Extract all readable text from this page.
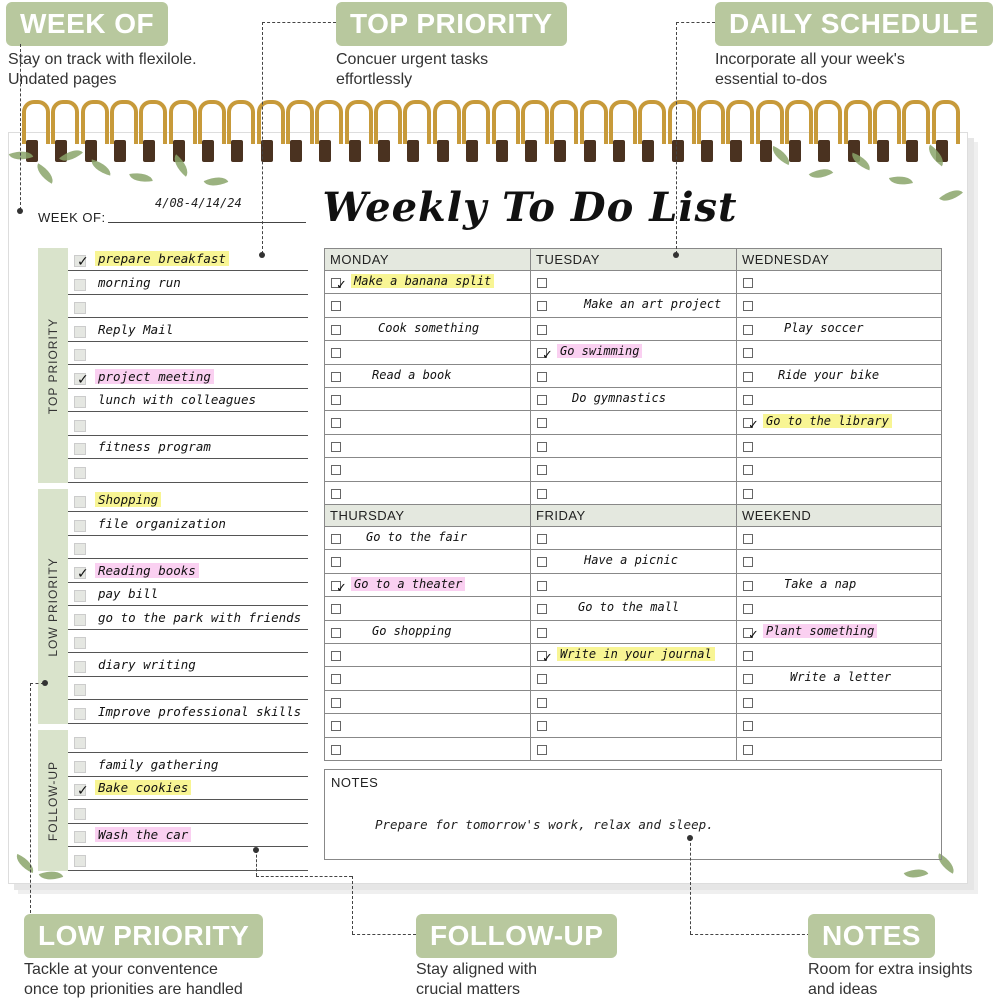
WEEK OF
Stay on track with flexilole.
Undated pages
TOP PRIORITY
Concuer urgent tasks
effortlessly
DAILY SCHEDULE
Incorporate all your week's
essential to-dos
Weekly To Do List
WEEK OF:
4/08-4/14/24
TOP PRIORITY
✓ prepare breakfast
morning run
Reply Mail
✓ project meeting
lunch with colleagues
fitness program
LOW PRIORITY
Shopping
file organization
✓ Reading books
pay bill
go to the park with friends
diary writing
Improve professional skills
FOLLOW-UP	family gathering
✓ Bake cookies
Wash the car
MONDAY
✓ Make a banana split
Cook something
Read a book
TUESDAY
Make an art project
✓ Go swimming
Do gymnastics
WEDNESDAY
Play soccer
Ride your bike
✓ Go to the library
THURSDAY
Go to the fair
✓ Go to a theater
Go shopping
FRIDAY
Have a picnic
Go to the mall
✓ Write in your journal
WEEKEND
Take a nap
✓ Plant something
Write a letter
NOTES
Prepare for tomorrow's work, relax and sleep.
LOW PRIORITY
Tackle at your conventence
once top prionities are handled
FOLLOW-UP
Stay aligned with
crucial matters
NOTES
Room for extra insights
and ideas
